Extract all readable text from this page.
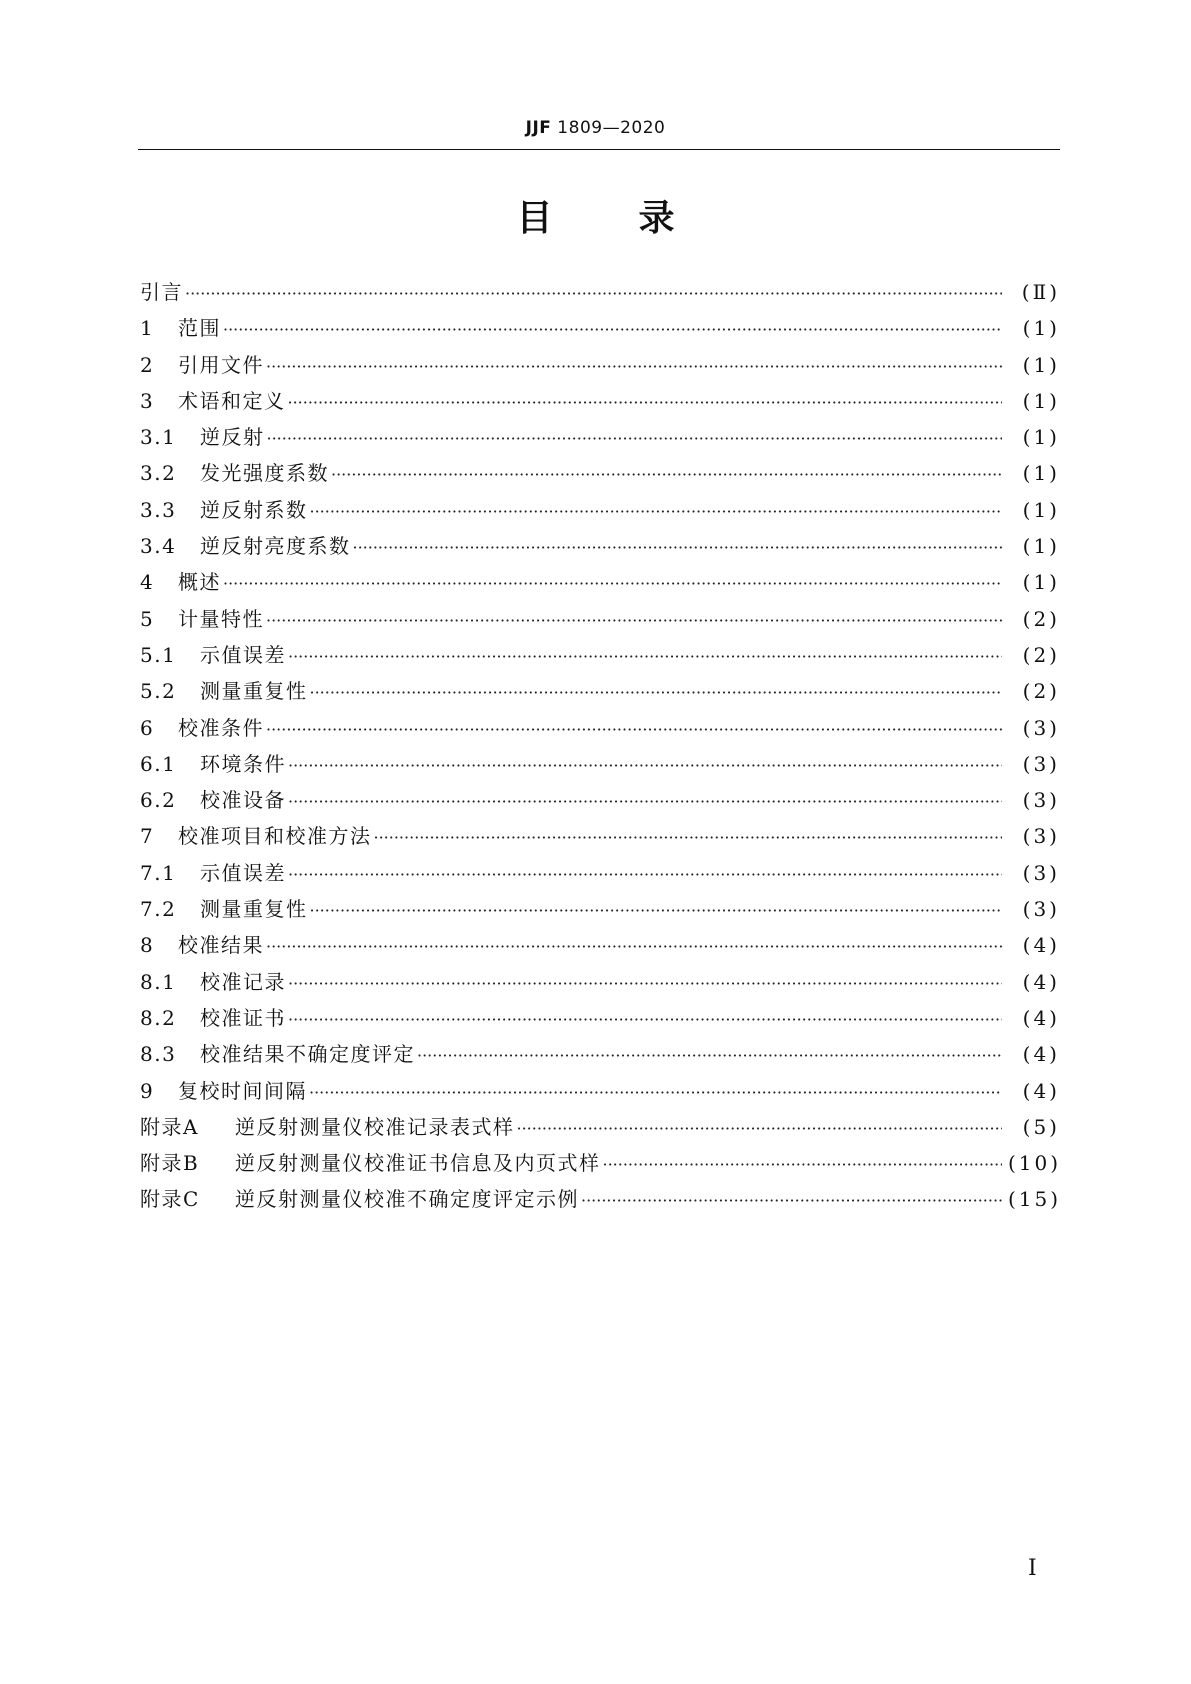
JJF 1809—2020
目 录
引言 ·····	(Ⅱ)
1	范围 ·····	(1)
2	引用文件 ·····	(1)
3	术语和定义 ·····	(1)
3.1	逆反射 ·····	(1)
3.2	发光强度系数 ·····	(1)
3.3	逆反射系数 ·····	(1)
3.4	逆反射亮度系数 ·····	(1)
4	概述 ·····	(1)
5	计量特性 ·····	(2)
5.1	示值误差 ·····	(2)
5.2	测量重复性 ·····	(2)
6	校准条件 ·····	(3)
6.1	环境条件 ·····	(3)
6.2	校准设备 ·····	(3)
7	校准项目和校准方法 ·····	(3)
7.1	示值误差 ·····	(3)
7.2	测量重复性 ·····	(3)
8	校准结果 ·····	(4)
8.1	校准记录 ·····	(4)
8.2	校准证书 ·····	(4)
8.3	校准结果不确定度评定 ·····	(4)
9	复校时间间隔 ·····	(4)
附录A	逆反射测量仪校准记录表式样 ·····	(5)
附录B	逆反射测量仪校准证书信息及内页式样 ·····	(10)
附录C	逆反射测量仪校准不确定度评定示例 ·····	(15)
I
